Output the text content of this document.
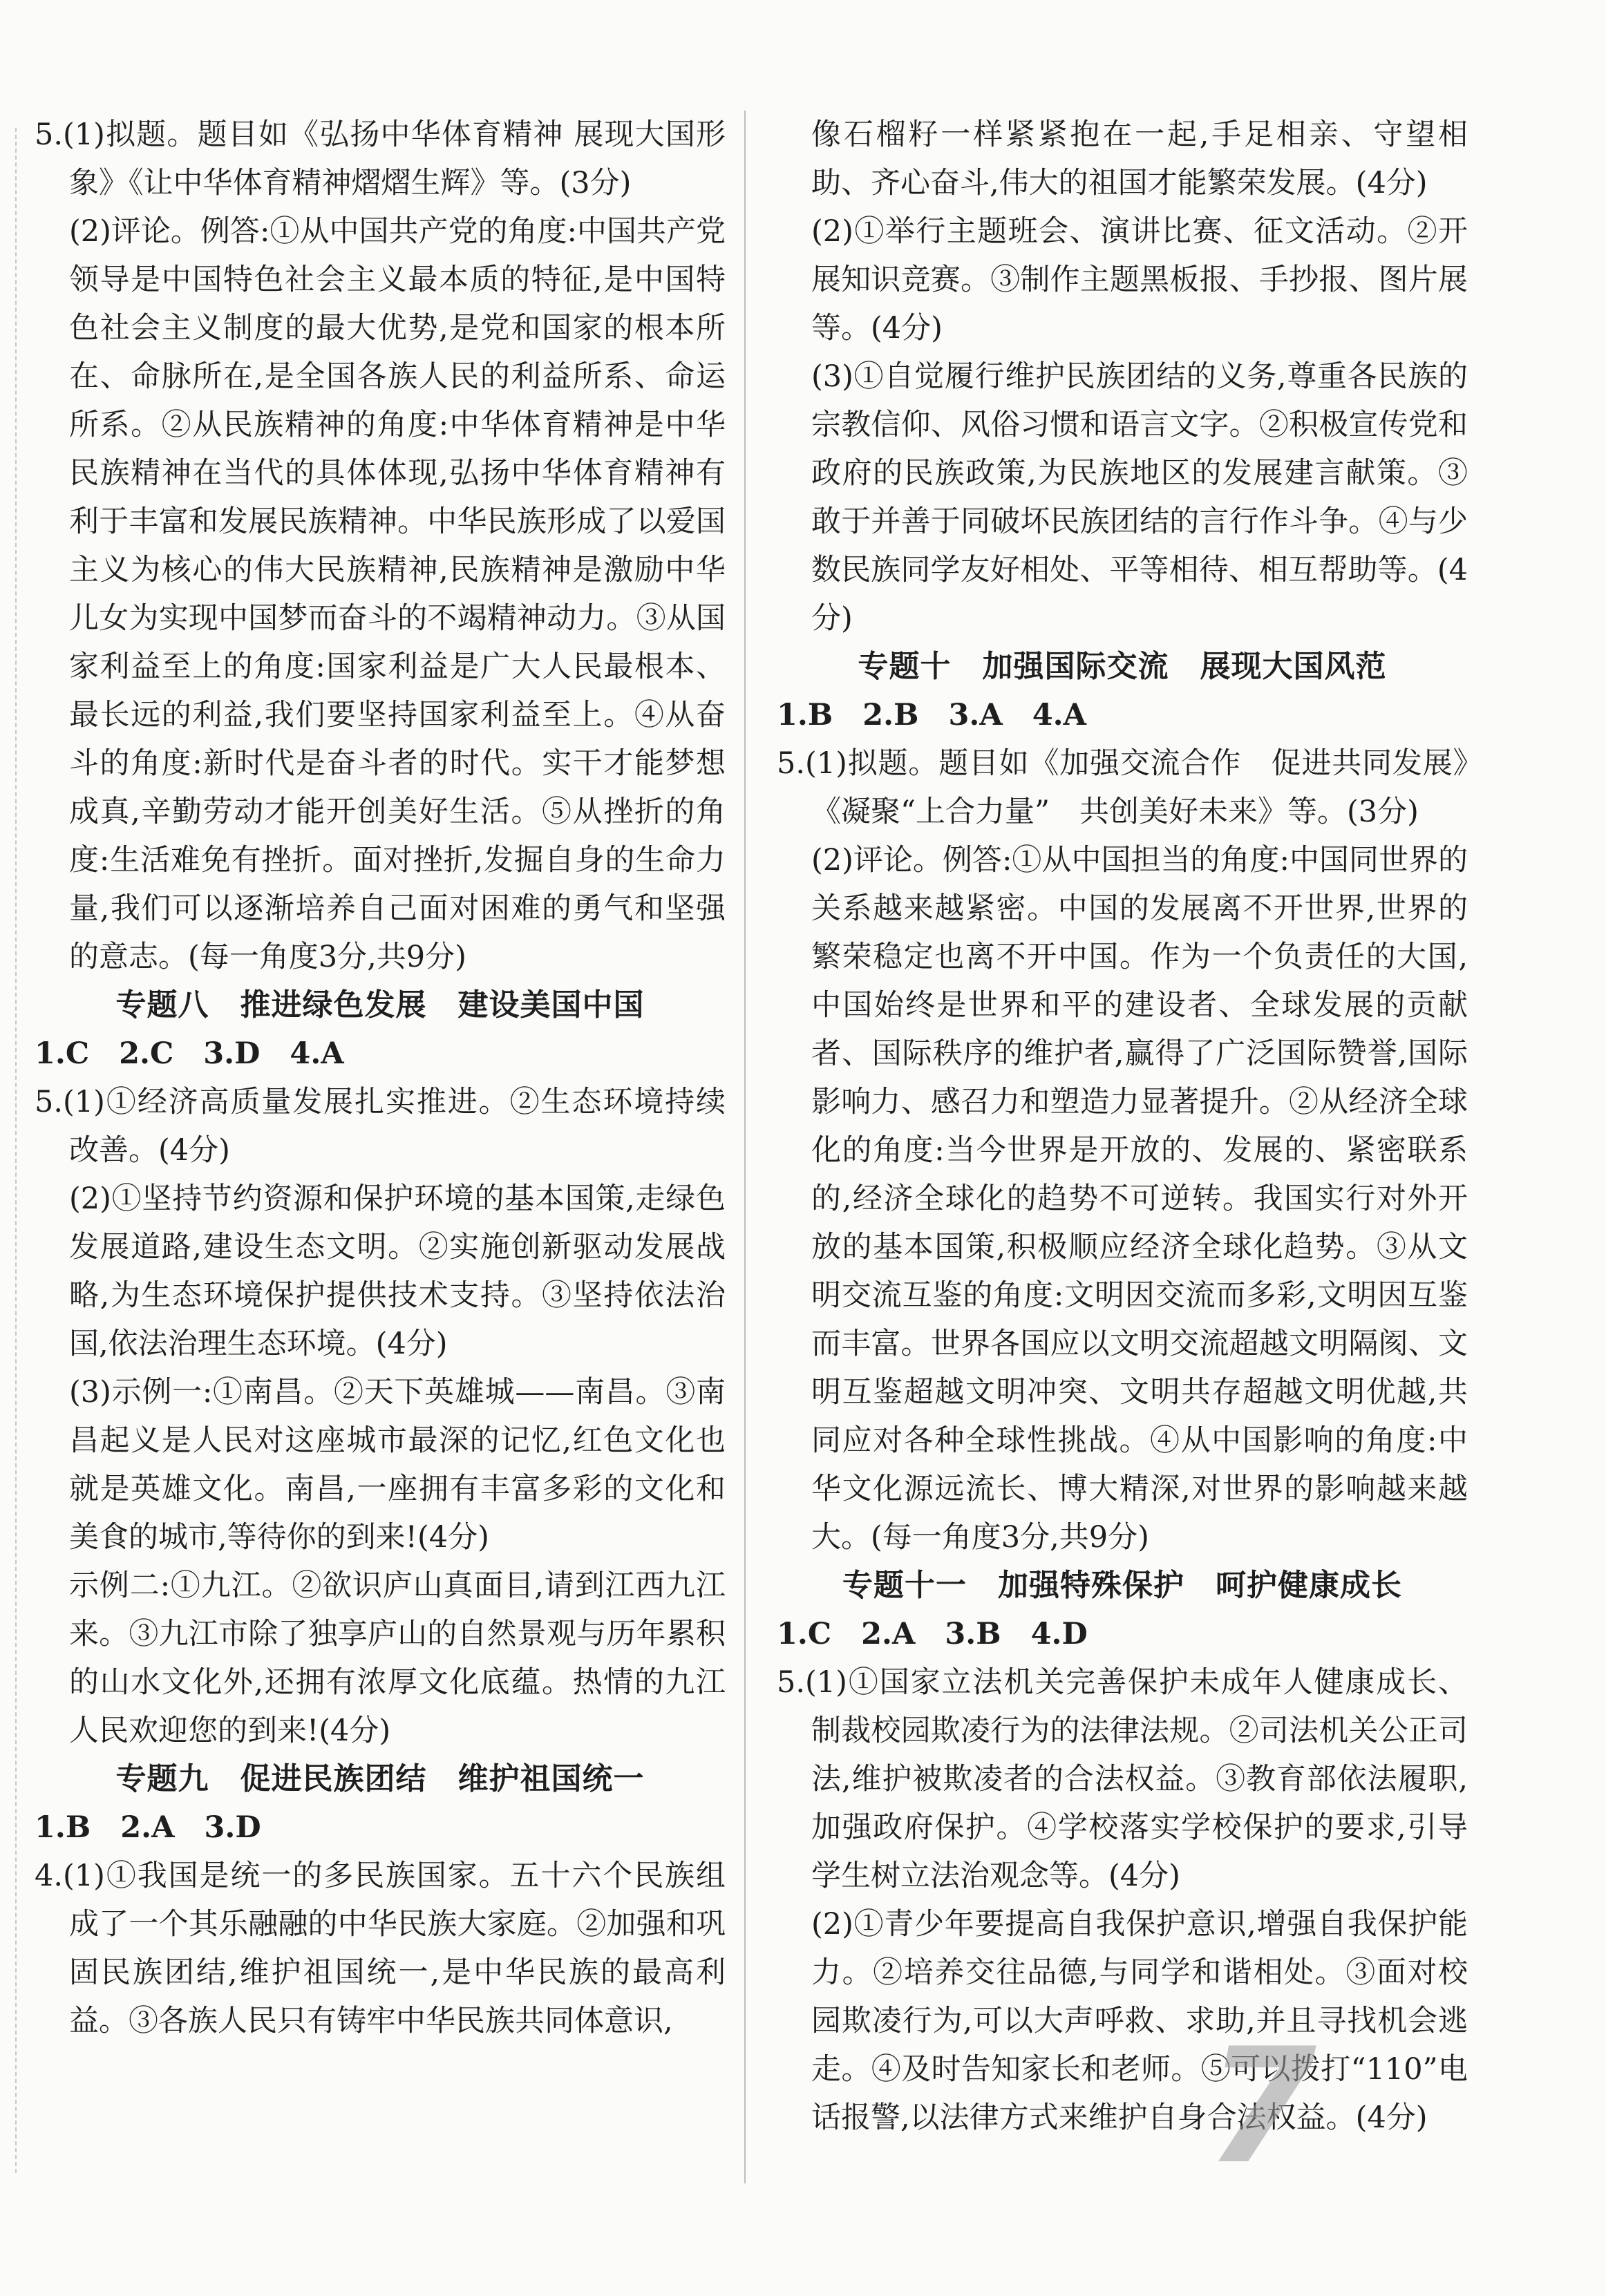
5.(1)拟题。题目如《弘扬中华体育精神 展现大国形象》《让中华体育精神熠熠生辉》等。(3分)

(2)评论。例答:①从中国共产党的角度:中国共产党领导是中国特色社会主义最本质的特征,是中国特色社会主义制度的最大优势,是党和国家的根本所在、命脉所在,是全国各族人民的利益所系、命运所系。②从民族精神的角度:中华体育精神是中华民族精神在当代的具体体现,弘扬中华体育精神有利于丰富和发展民族精神。中华民族形成了以爱国主义为核心的伟大民族精神,民族精神是激励中华儿女为实现中国梦而奋斗的不竭精神动力。③从国家利益至上的角度:国家利益是广大人民最根本、最长远的利益,我们要坚持国家利益至上。④从奋斗的角度:新时代是奋斗者的时代。实干才能梦想成真,辛勤劳动才能开创美好生活。⑤从挫折的角度:生活难免有挫折。面对挫折,发掘自身的生命力量,我们可以逐渐培养自己面对困难的勇气和坚强的意志。(每一角度3分,共9分)

专题八　推进绿色发展　建设美国中国

1.C　2.C　3.D　4.A

5.(1)①经济高质量发展扎实推进。②生态环境持续改善。(4分)

(2)①坚持节约资源和保护环境的基本国策,走绿色发展道路,建设生态文明。②实施创新驱动发展战略,为生态环境保护提供技术支持。③坚持依法治国,依法治理生态环境。(4分)

(3)示例一:①南昌。②天下英雄城——南昌。③南昌起义是人民对这座城市最深的记忆,红色文化也就是英雄文化。南昌,一座拥有丰富多彩的文化和美食的城市,等待你的到来!(4分)

示例二:①九江。②欲识庐山真面目,请到江西九江来。③九江市除了独享庐山的自然景观与历年累积的山水文化外,还拥有浓厚文化底蕴。热情的九江人民欢迎您的到来!(4分)

专题九　促进民族团结　维护祖国统一

1.B　2.A　3.D

4.(1)①我国是统一的多民族国家。五十六个民族组成了一个其乐融融的中华民族大家庭。②加强和巩固民族团结,维护祖国统一,是中华民族的最高利益。③各族人民只有铸牢中华民族共同体意识,

像石榴籽一样紧紧抱在一起,手足相亲、守望相助、齐心奋斗,伟大的祖国才能繁荣发展。(4分)

(2)①举行主题班会、演讲比赛、征文活动。②开展知识竞赛。③制作主题黑板报、手抄报、图片展等。(4分)

(3)①自觉履行维护民族团结的义务,尊重各民族的宗教信仰、风俗习惯和语言文字。②积极宣传党和政府的民族政策,为民族地区的发展建言献策。③敢于并善于同破坏民族团结的言行作斗争。④与少数民族同学友好相处、平等相待、相互帮助等。(4分)

专题十　加强国际交流　展现大国风范

1.B　2.B　3.A　4.A

5.(1)拟题。题目如《加强交流合作　促进共同发展》《凝聚“上合力量”　共创美好未来》等。(3分)

(2)评论。例答:①从中国担当的角度:中国同世界的关系越来越紧密。中国的发展离不开世界,世界的繁荣稳定也离不开中国。作为一个负责任的大国,中国始终是世界和平的建设者、全球发展的贡献者、国际秩序的维护者,赢得了广泛国际赞誉,国际影响力、感召力和塑造力显著提升。②从经济全球化的角度:当今世界是开放的、发展的、紧密联系的,经济全球化的趋势不可逆转。我国实行对外开放的基本国策,积极顺应经济全球化趋势。③从文明交流互鉴的角度:文明因交流而多彩,文明因互鉴而丰富。世界各国应以文明交流超越文明隔阂、文明互鉴超越文明冲突、文明共存超越文明优越,共同应对各种全球性挑战。④从中国影响的角度:中华文化源远流长、博大精深,对世界的影响越来越大。(每一角度3分,共9分)

专题十一　加强特殊保护　呵护健康成长

1.C　2.A　3.B　4.D

5.(1)①国家立法机关完善保护未成年人健康成长、制裁校园欺凌行为的法律法规。②司法机关公正司法,维护被欺凌者的合法权益。③教育部依法履职,加强政府保护。④学校落实学校保护的要求,引导学生树立法治观念等。(4分)

(2)①青少年要提高自我保护意识,增强自我保护能力。②培养交往品德,与同学和谐相处。③面对校园欺凌行为,可以大声呼救、求助,并且寻找机会逃走。④及时告知家长和老师。⑤可以拨打“110”电话报警,以法律方式来维护自身合法权益。(4分)

7
